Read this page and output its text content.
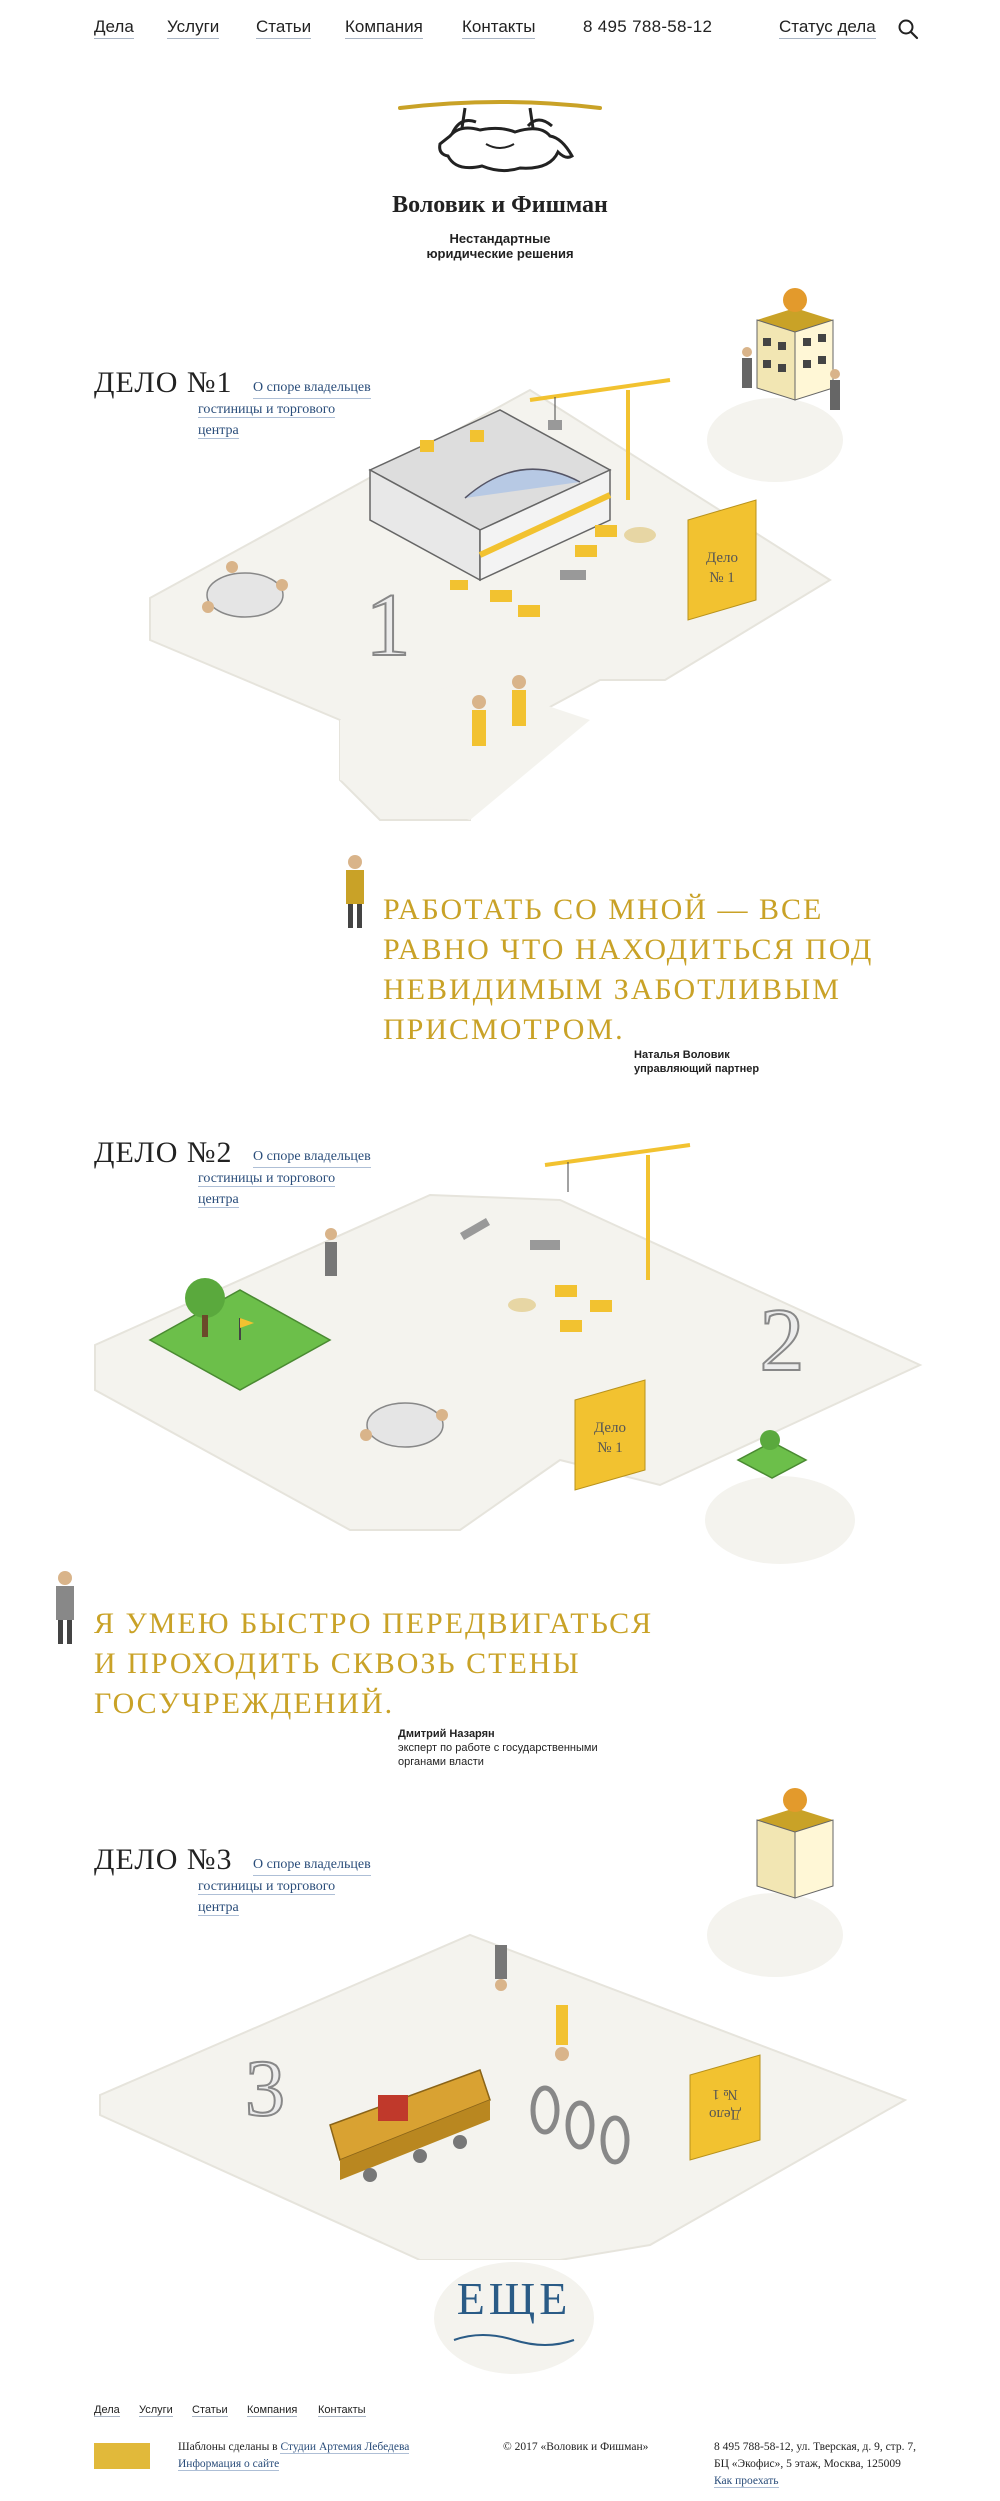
Дела Услуги Статьи Компания Контакты	8 495 788-58-12	Статус дела
Воловик и Фишман
Нестандартные
юридические решения
ДЕЛО №1	О споре владельцев
гостиницы и торгового
центра
Дело
№ 1
1
РАБОТАТЬ СО МНОЙ — ВСЕ
РАВНО ЧТО НАХОДИТЬСЯ ПОД
НЕВИДИМЫМ ЗАБОТЛИВЫМ
ПРИСМОТРОМ.
Наталья Воловик
управляющий партнер
ДЕЛО №2	О споре владельцев
гостиницы и торгового
центра
Дело
№ 1
2
Я УМЕЮ БЫСТРО ПЕРЕДВИГАТЬСЯ
И ПРОХОДИТЬ СКВОЗЬ СТЕНЫ
ГОСУЧРЕЖДЕНИЙ.
Дмитрий Назарян
эксперт по работе с государственными
органами власти
ДЕЛО №3	О споре владельцев
гостиницы и торгового
центра
3	Дело
№ 1
ЕЩЕ
Дела Услуги Статьи Компания Контакты
Шаблоны сделаны в Студии Артемия Лебедева
Информация о сайте
© 2017 «Воловик и Фишман»	8 495 788-58-12, ул. Тверская, д. 9, стр. 7,
БЦ «Экофис», 5 этаж, Москва, 125009
Как проехать
